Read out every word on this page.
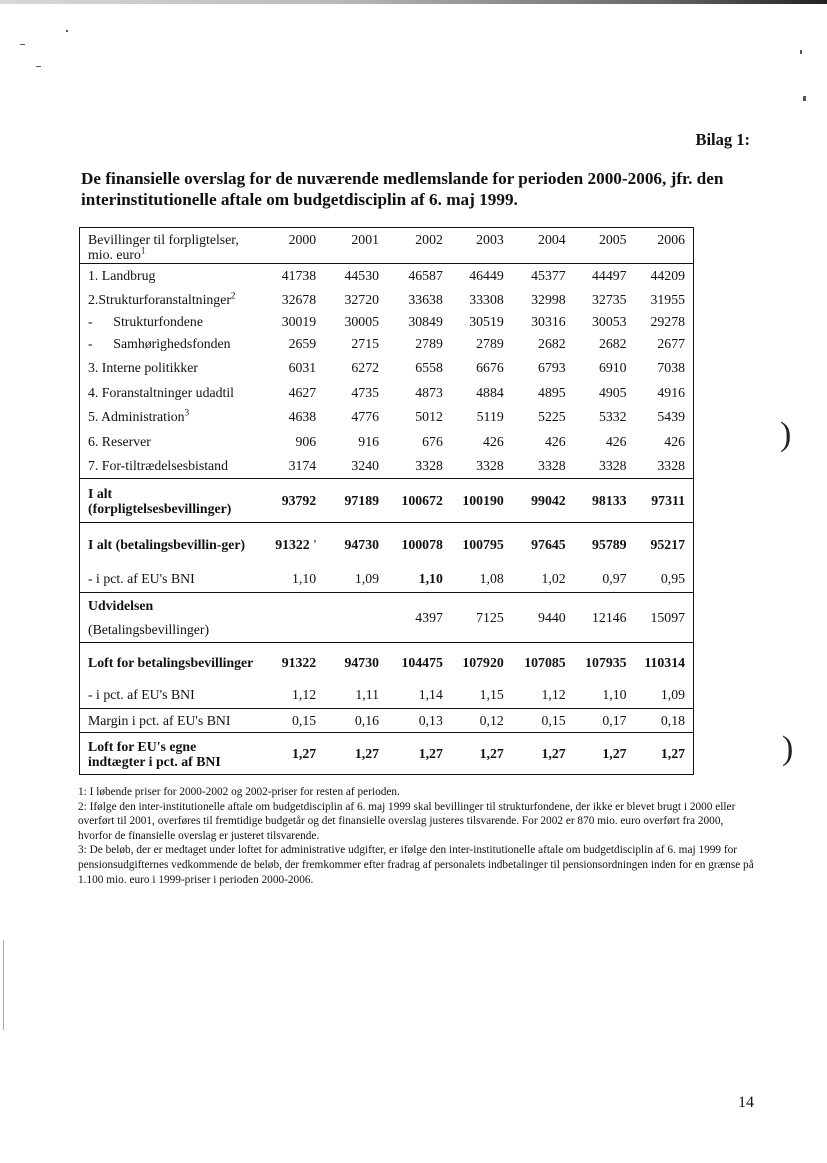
)
)
Bilag 1:
De finansielle overslag for de nuværende medlemslande for perioden 2000-2006, jfr. den interinstitutionelle aftale om budgetdisciplin af 6. maj 1999.
Bevillinger til forpligtelser,
mio. euro$^1$	2000	2001	2002	2003	2004	2005	2006
1. Landbrug	41738	44530	46587	46449	45377	44497	44209
2.Strukturforanstaltninger$^2$	32678	32720	33638	33308	32998	32735	31955
-      Strukturfondene	30019	30005	30849	30519	30316	30053	29278
-      Samhørighedsfonden	2659	2715	2789	2789	2682	2682	2677
3. Interne politikker	6031	6272	6558	6676	6793	6910	7038
4. Foranstaltninger udadtil	4627	4735	4873	4884	4895	4905	4916
5. Administration$^3$	4638	4776	5012	5119	5225	5332	5439
6. Reserver	906	916	676	426	426	426	426
7. For-tiltrædelsesbistand	3174	3240	3328	3328	3328	3328	3328
I alt (forpligtelsesbevillinger)	93792	97189	100672	100190	99042	98133	97311
I alt (betalingsbevillin-ger)	91322 '	94730	100078	100795	97645	95789	95217
- i pct. af EU's BNI	1,10	1,09	1,10	1,08	1,02	0,97	0,95
Udvidelsen
(Betalingsbevillinger)			4397	7125	9440	12146	15097
Loft for betalingsbevillinger	91322	94730	104475	107920	107085	107935	110314
- i pct. af EU's BNI	1,12	1,11	1,14	1,15	1,12	1,10	1,09
Margin i pct. af EU's BNI	0,15	0,16	0,13	0,12	0,15	0,17	0,18
Loft for EU's egne indtægter i pct. af BNI	1,27	1,27	1,27	1,27	1,27	1,27	1,27

1: I løbende priser for 2000-2002 og 2002-priser for resten af perioden.

2: Ifølge den inter-institutionelle aftale om budgetdisciplin af 6. maj 1999 skal bevillinger til strukturfondene, der ikke er blevet brugt i 2000 eller overført til 2001, overføres til fremtidige budgetår og det finansielle overslag justeres tilsvarende. For 2002 er 870 mio. euro overført fra 2000, hvorfor de finansielle overslag er justeret tilsvarende.

3: De beløb, der er medtaget under loftet for administrative udgifter, er ifølge den inter-institutionelle aftale om budgetdisciplin af 6. maj 1999 for pensionsudgifternes vedkommende de beløb, der fremkommer efter fradrag af personalets indbetalinger til pensionsordningen inden for en grænse på 1.100 mio. euro i 1999-priser i perioden 2000-2006.

14
